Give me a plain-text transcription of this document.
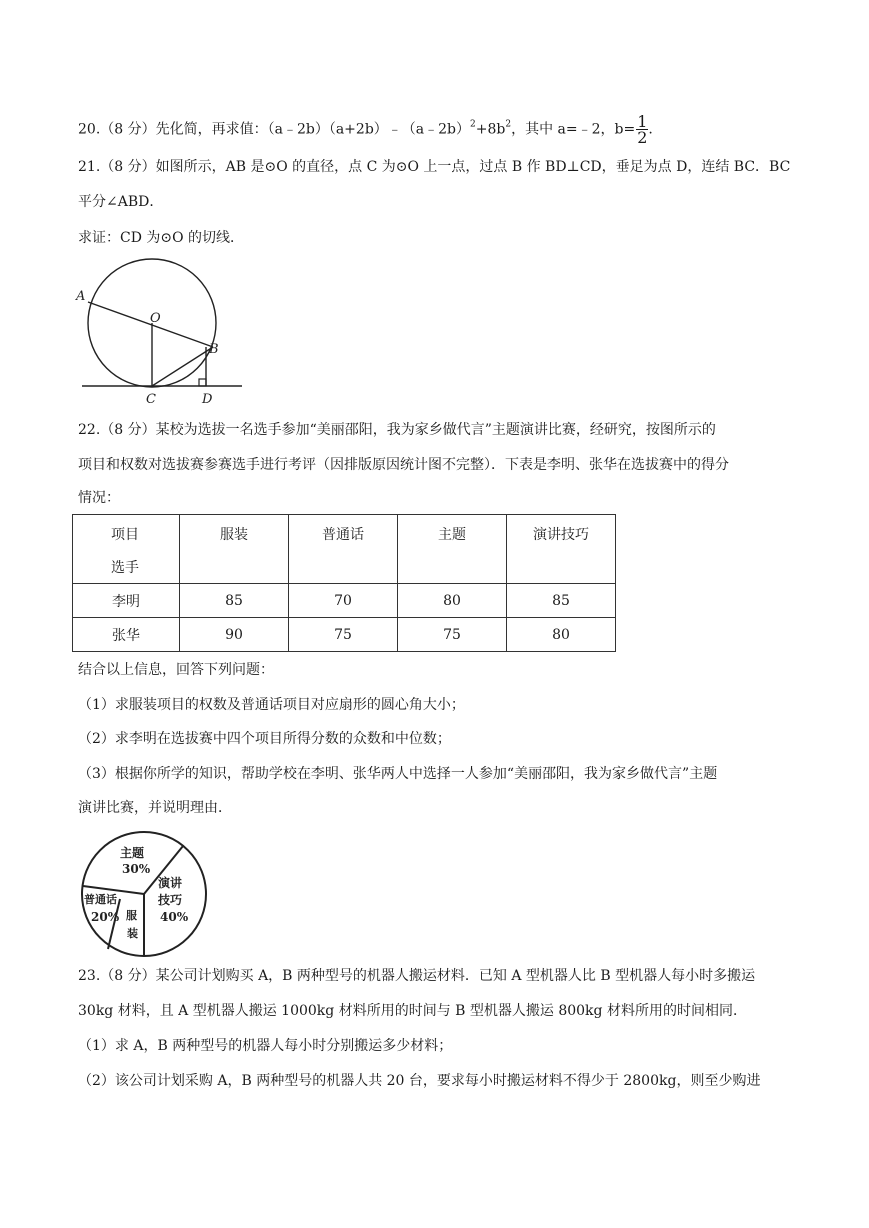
20.（8 分）先化简，再求值：$(a﹣2b)(a+2b)﹣(a﹣2b)^2+8b^2$，其中 a=﹣2，$b= \frac{1}{2}$ .
21.（8 分）如图所示，AB 是⊙O 的直径，点 C 为⊙O 上一点，过点 B 作 BD⊥CD，垂足为点 D，连结 BC．BC
平分∠ABD．
求证：CD 为⊙O 的切线．
A
O
B
C	D
22.（8 分）某校为选拔一名选手参加“美丽邵阳，我为家乡做代言”主题演讲比赛，经研究，按图所示的
项目和权数对选拔赛参赛选手进行考评（因排版原因统计图不完整）．下表是李明、张华在选拔赛中的得分
情况：
项目
选手	服装	普通话	主题	演讲技巧
李明	85	70	80	85
张华	90	75	75	80
结合以上信息，回答下列问题：
（1）求服装项目的权数及普通话项目对应扇形的圆心角大小；
（2）求李明在选拔赛中四个项目所得分数的众数和中位数；
（3）根据你所学的知识，帮助学校在李明、张华两人中选择一人参加“美丽邵阳，我为家乡做代言”主题
演讲比赛，并说明理由．
主题
30%
演讲
技巧
40%
普通话
20% 服
装
23.（8 分）某公司计划购买 A，B 两种型号的机器人搬运材料．已知 A 型机器人比 B 型机器人每小时多搬运
30kg 材料，且 A 型机器人搬运 1000kg 材料所用的时间与 B 型机器人搬运 800kg 材料所用的时间相同．
（1）求 A，B 两种型号的机器人每小时分别搬运多少材料；
（2）该公司计划采购 A，B 两种型号的机器人共 20 台，要求每小时搬运材料不得少于 2800kg，则至少购进
